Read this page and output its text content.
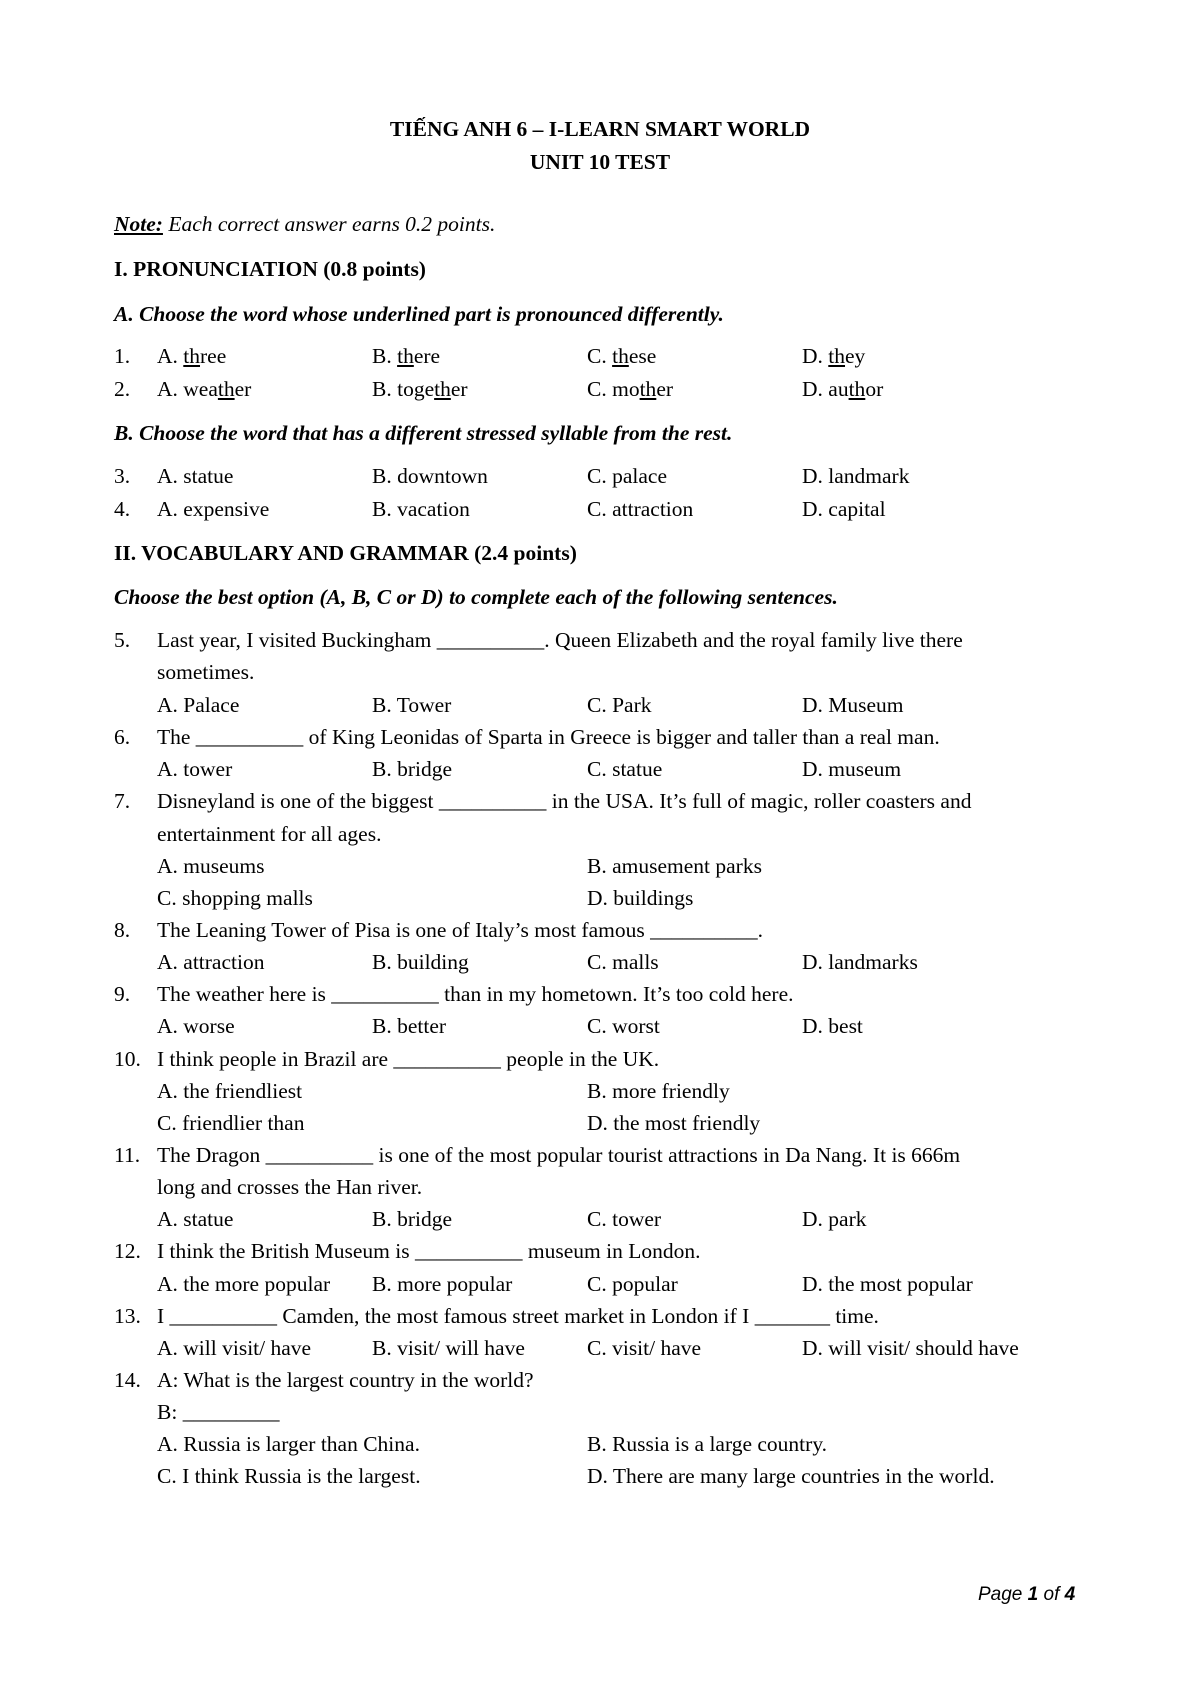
TIẾNG ANH 6 – I-LEARN SMART WORLD
UNIT 10 TEST
Note: Each correct answer earns 0.2 points.
I. PRONUNCIATION (0.8 points)
A. Choose the word whose underlined part is pronounced differently.
1. A. three	B. there	C. these	D. they
2. A. weather	B. together	C. mother	D. author
B. Choose the word that has a different stressed syllable from the rest.
3. A. statue	B. downtown	C. palace	D. landmark
4. A. expensive	B. vacation	C. attraction	D. capital
II. VOCABULARY AND GRAMMAR (2.4 points)
Choose the best option (A, B, C or D) to complete each of the following sentences.
5. Last year, I visited Buckingham __________. Queen Elizabeth and the royal family live there
sometimes.
A. Palace	B. Tower	C. Park	D. Museum
6. The __________ of King Leonidas of Sparta in Greece is bigger and taller than a real man.
A. tower	B. bridge	C. statue	D. museum
7. Disneyland is one of the biggest __________ in the USA. It’s full of magic, roller coasters and
entertainment for all ages.
A. museums	B. amusement parks
C. shopping malls	D. buildings
8. The Leaning Tower of Pisa is one of Italy’s most famous __________.
A. attraction	B. building	C. malls	D. landmarks
9. The weather here is __________ than in my hometown. It’s too cold here.
A. worse	B. better	C. worst	D. best
10. I think people in Brazil are __________ people in the UK.
A. the friendliest	B. more friendly
C. friendlier than	D. the most friendly
11. The Dragon __________ is one of the most popular tourist attractions in Da Nang. It is 666m
long and crosses the Han river.
A. statue	B. bridge	C. tower	D. park
12. I think the British Museum is __________ museum in London.
A. the more popular B. more popular	C. popular	D. the most popular
13. I __________ Camden, the most famous street market in London if I _______ time.
A. will visit/ have	B. visit/ will have	C. visit/ have	D. will visit/ should have
14. A: What is the largest country in the world?
B: _________
A. Russia is larger than China.	B. Russia is a large country.
C. I think Russia is the largest.	D. There are many large countries in the world.
Page 1 of 4
